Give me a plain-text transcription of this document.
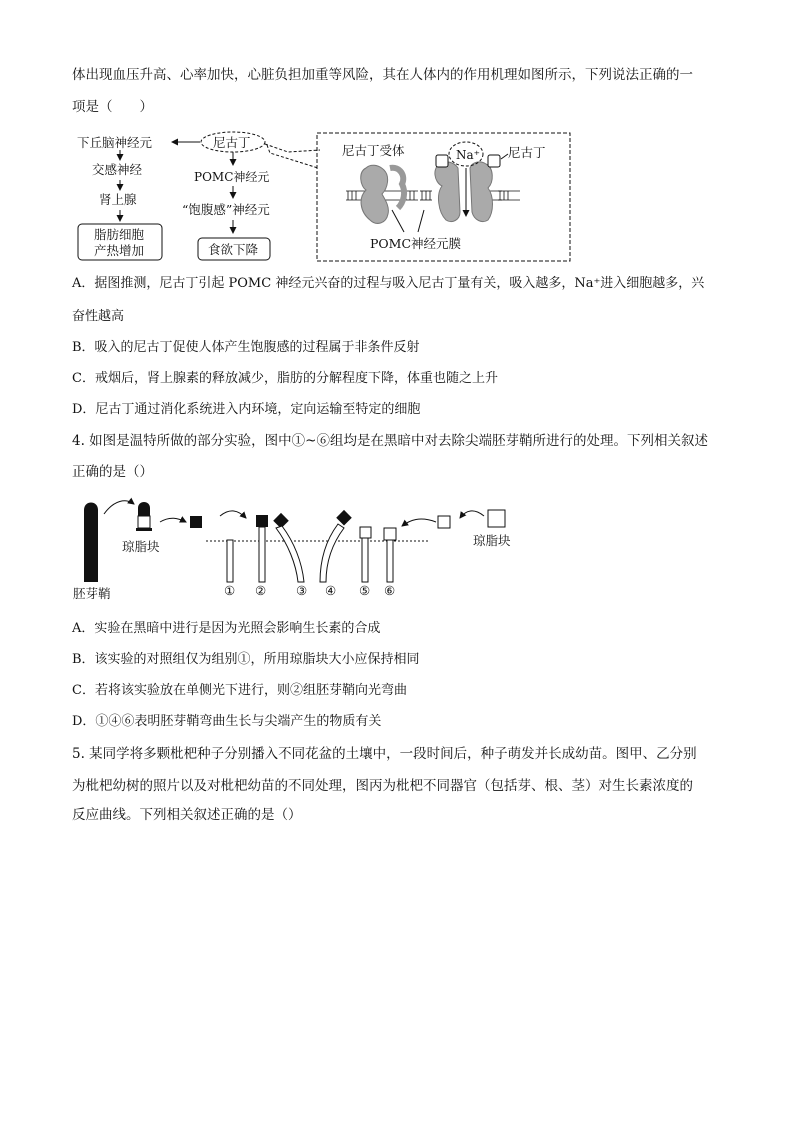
体出现血压升高、心率加快，心脏负担加重等风险，其在人体内的作用机理如图所示，下列说法正确的一
项是（　　）
下丘脑神经元	尼古丁
交感神经
肾上腺
脂肪细胞
产热增加
POMC神经元
“饱腹感”神经元
食欲下降
尼古丁受体	Na⁺ 尼古丁
POMC神经元膜
A．据图推测，尼古丁引起 POMC 神经元兴奋的过程与吸入尼古丁量有关，吸入越多，Na⁺进入细胞越多，兴
奋性越高
B．吸入的尼古丁促使人体产生饱腹感的过程属于非条件反射
C．戒烟后，肾上腺素的释放减少，脂肪的分解程度下降，体重也随之上升
D．尼古丁通过消化系统进入内环境，定向运输至特定的细胞
4. 如图是温特所做的部分实验，图中①~⑥组均是在黑暗中对去除尖端胚芽鞘所进行的处理。下列相关叙述
正确的是（）
胚芽鞘
琼脂块	琼脂块
① ② ③ ④ ⑤ ⑥
A．实验在黑暗中进行是因为光照会影响生长素的合成
B．该实验的对照组仅为组别①，所用琼脂块大小应保持相同
C．若将该实验放在单侧光下进行，则②组胚芽鞘向光弯曲
D．①④⑥表明胚芽鞘弯曲生长与尖端产生的物质有关
5. 某同学将多颗枇杷种子分别播入不同花盆的土壤中，一段时间后，种子萌发并长成幼苗。图甲、乙分别
为枇杷幼树的照片以及对枇杷幼苗的不同处理，图丙为枇杷不同器官（包括芽、根、茎）对生长素浓度的
反应曲线。下列相关叙述正确的是（）
